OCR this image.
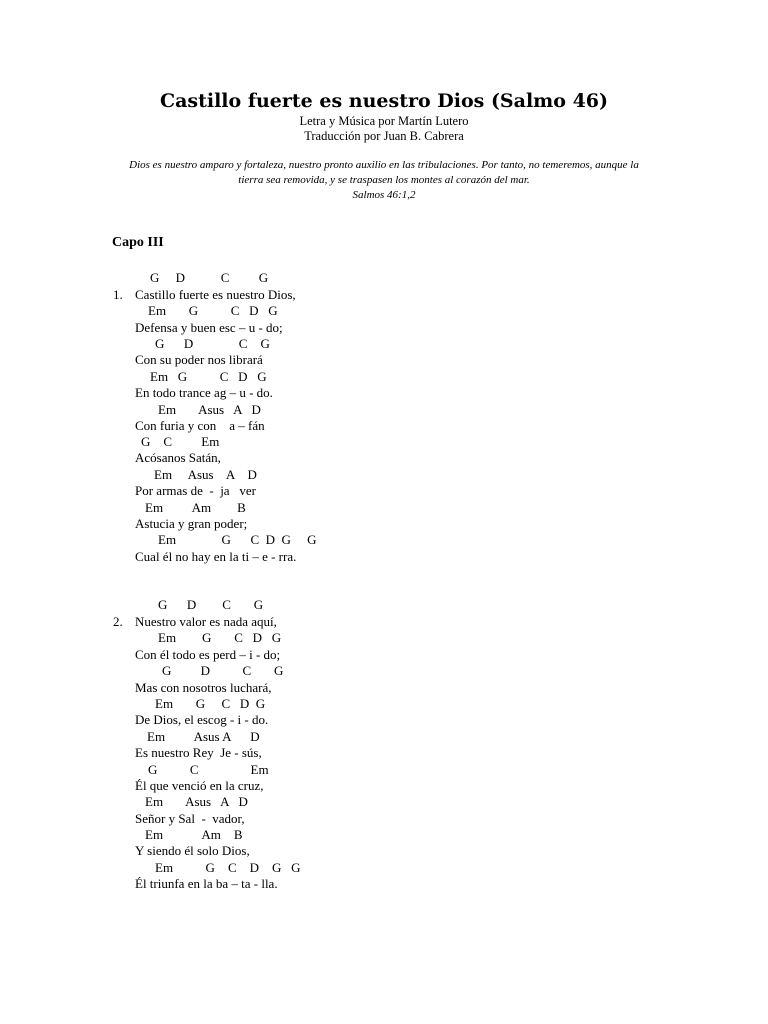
Castillo fuerte es nuestro Dios (Salmo 46)
Letra y Música por Martín Lutero
Traducción por Juan B. Cabrera
Dios es nuestro amparo y fortaleza, nuestro pronto auxilio en las tribulaciones. Por tanto, no temeremos, aunque la
tierra sea removida, y se traspasen los montes al corazón del mar.
Salmos 46:1,2
Capo III
1.
G     D           C         G
Castillo fuerte es nuestro Dios,
Em       G          C   D   G
Defensa y buen esc – u - do;
G      D              C    G
Con su poder nos librará
Em   G          C   D   G
En todo trance ag – u - do.
Em       Asus   A   D
Con furia y con    a – fán
G    C         Em
Acósanos Satán,
Em     Asus    A    D
Por armas de  -  ja   ver
Em         Am        B
Astucia y gran poder;
Em              G      C  D  G     G
Cual él no hay en la ti – e - rra.
2.
G      D        C       G
Nuestro valor es nada aquí,
Em        G       C   D   G
Con él todo es perd – i - do;
G         D          C       G
Mas con nosotros luchará,
Em       G     C   D  G
De Dios, el escog - i - do.
Em         Asus A      D
Es nuestro Rey  Je - sús,
G          C                Em
Él que venció en la cruz,
Em       Asus   A   D
Señor y Sal  -  vador,
Em            Am    B
Y siendo él solo Dios,
Em          G    C    D    G   G
Él triunfa en la ba – ta - lla.
